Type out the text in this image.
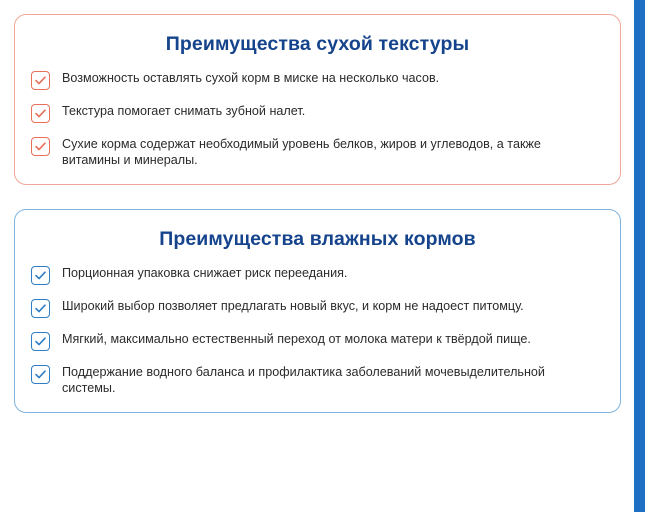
Преимущества сухой текстуры
Возможность оставлять сухой корм в миске на несколько часов.
Текстура помогает снимать зубной налет.
Сухие корма содержат необходимый уровень белков, жиров и углеводов, а также витамины и минералы.
Преимущества влажных кормов
Порционная упаковка снижает риск переедания.
Широкий выбор позволяет предлагать новый вкус, и корм не надоест питомцу.
Мягкий, максимально естественный переход от молока матери к твёрдой пище.
Поддержание водного баланса и профилактика заболеваний мочевыделительной системы.
